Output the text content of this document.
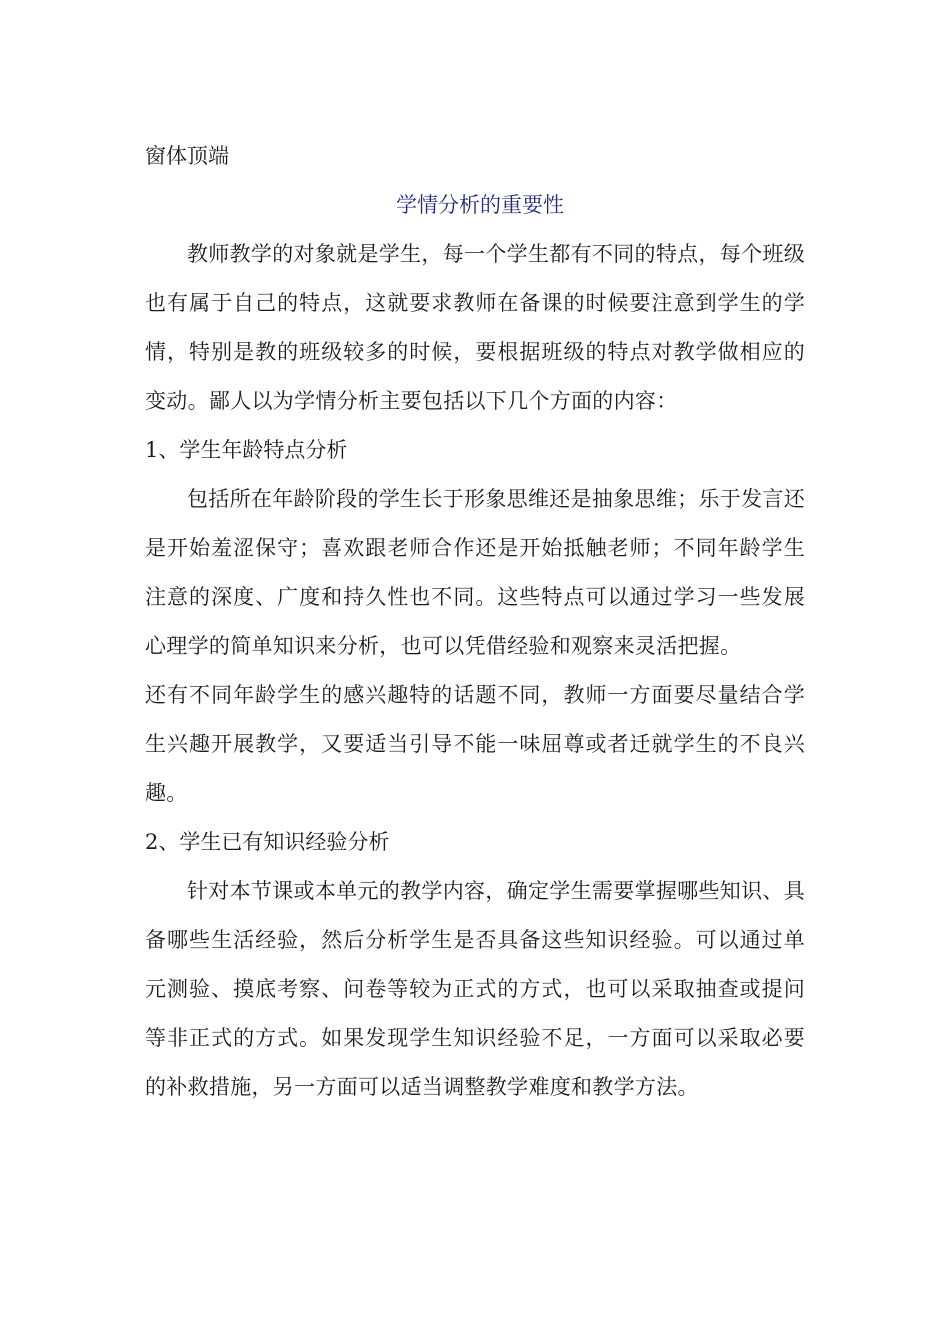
窗体顶端
学情分析的重要性

教师教学的对象就是学生，每一个学生都有不同的特点，每个班级也有属于自己的特点，这就要求教师在备课的时候要注意到学生的学情，特别是教的班级较多的时候，要根据班级的特点对教学做相应的变动。鄙人以为学情分析主要包括以下几个方面的内容：

1、学生年龄特点分析

包括所在年龄阶段的学生长于形象思维还是抽象思维；乐于发言还是开始羞涩保守；喜欢跟老师合作还是开始抵触老师；不同年龄学生注意的深度、广度和持久性也不同。这些特点可以通过学习一些发展心理学的简单知识来分析，也可以凭借经验和观察来灵活把握。

还有不同年龄学生的感兴趣特的话题不同，教师一方面要尽量结合学生兴趣开展教学，又要适当引导不能一味屈尊或者迁就学生的不良兴趣。

2、学生已有知识经验分析

针对本节课或本单元的教学内容，确定学生需要掌握哪些知识、具备哪些生活经验，然后分析学生是否具备这些知识经验。可以通过单元测验、摸底考察、问卷等较为正式的方式，也可以采取抽查或提问等非正式的方式。如果发现学生知识经验不足，一方面可以采取必要的补救措施，另一方面可以适当调整教学难度和教学方法。
